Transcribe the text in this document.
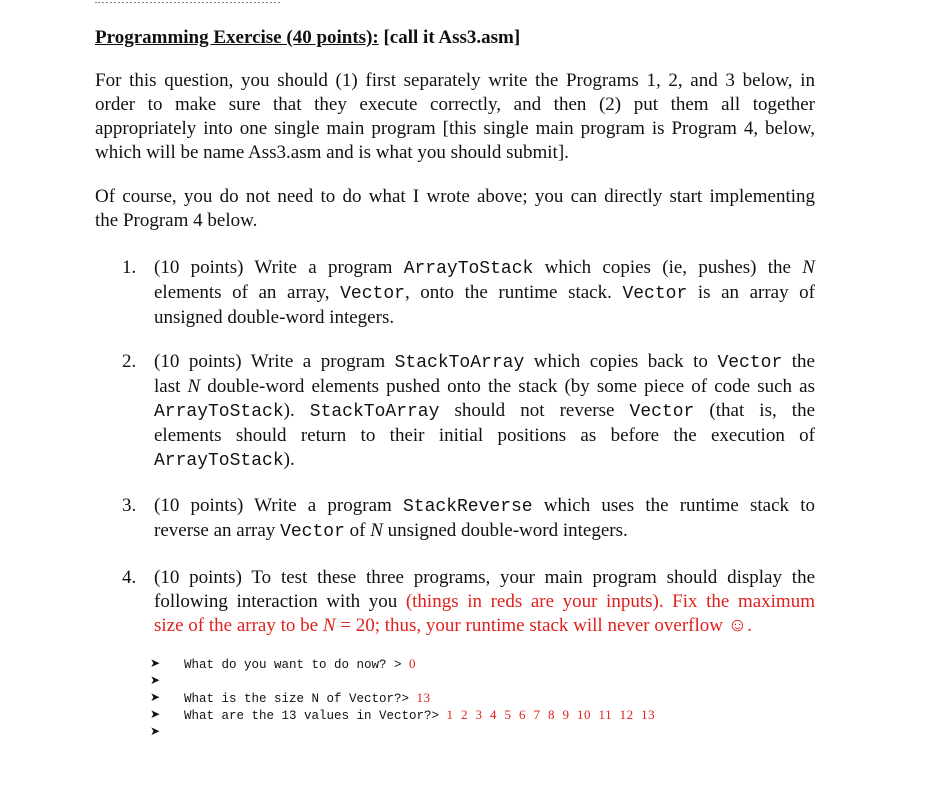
Programming Exercise (40 points): [call it Ass3.asm]
For this question, you should (1) first separately write the Programs 1, 2, and 3 below, in
order to make sure that they execute correctly, and then (2) put them all together
appropriately into one single main program [this single main program is Program 4, below,
which will be name Ass3.asm and is what you should submit].
Of course, you do not need to do what I wrote above; you can directly start implementing
the Program 4 below.
1. (10 points) Write a program ArrayToStack which copies (ie, pushes) the N
elements of an array, Vector, onto the runtime stack. Vector is an array of
unsigned double-word integers.
2. (10 points) Write a program StackToArray which copies back to Vector the
last N double-word elements pushed onto the stack (by some piece of code such as
ArrayToStack). StackToArray should not reverse Vector (that is, the
elements should return to their initial positions as before the execution of
ArrayToStack).
3. (10 points) Write a program StackReverse which uses the runtime stack to
reverse an array Vector of N unsigned double-word integers.
4. (10 points) To test these three programs, your main program should display the
following interaction with you (things in reds are your inputs). Fix the maximum
size of the array to be N = 20; thus, your runtime stack will never overflow ☺.
➤ What do you want to do now? > 0
➤
➤ What is the size N of Vector?> 13
➤ What are the 13 values in Vector?> 1  2  3  4  5  6  7  8  9  10  11  12  13
➤
